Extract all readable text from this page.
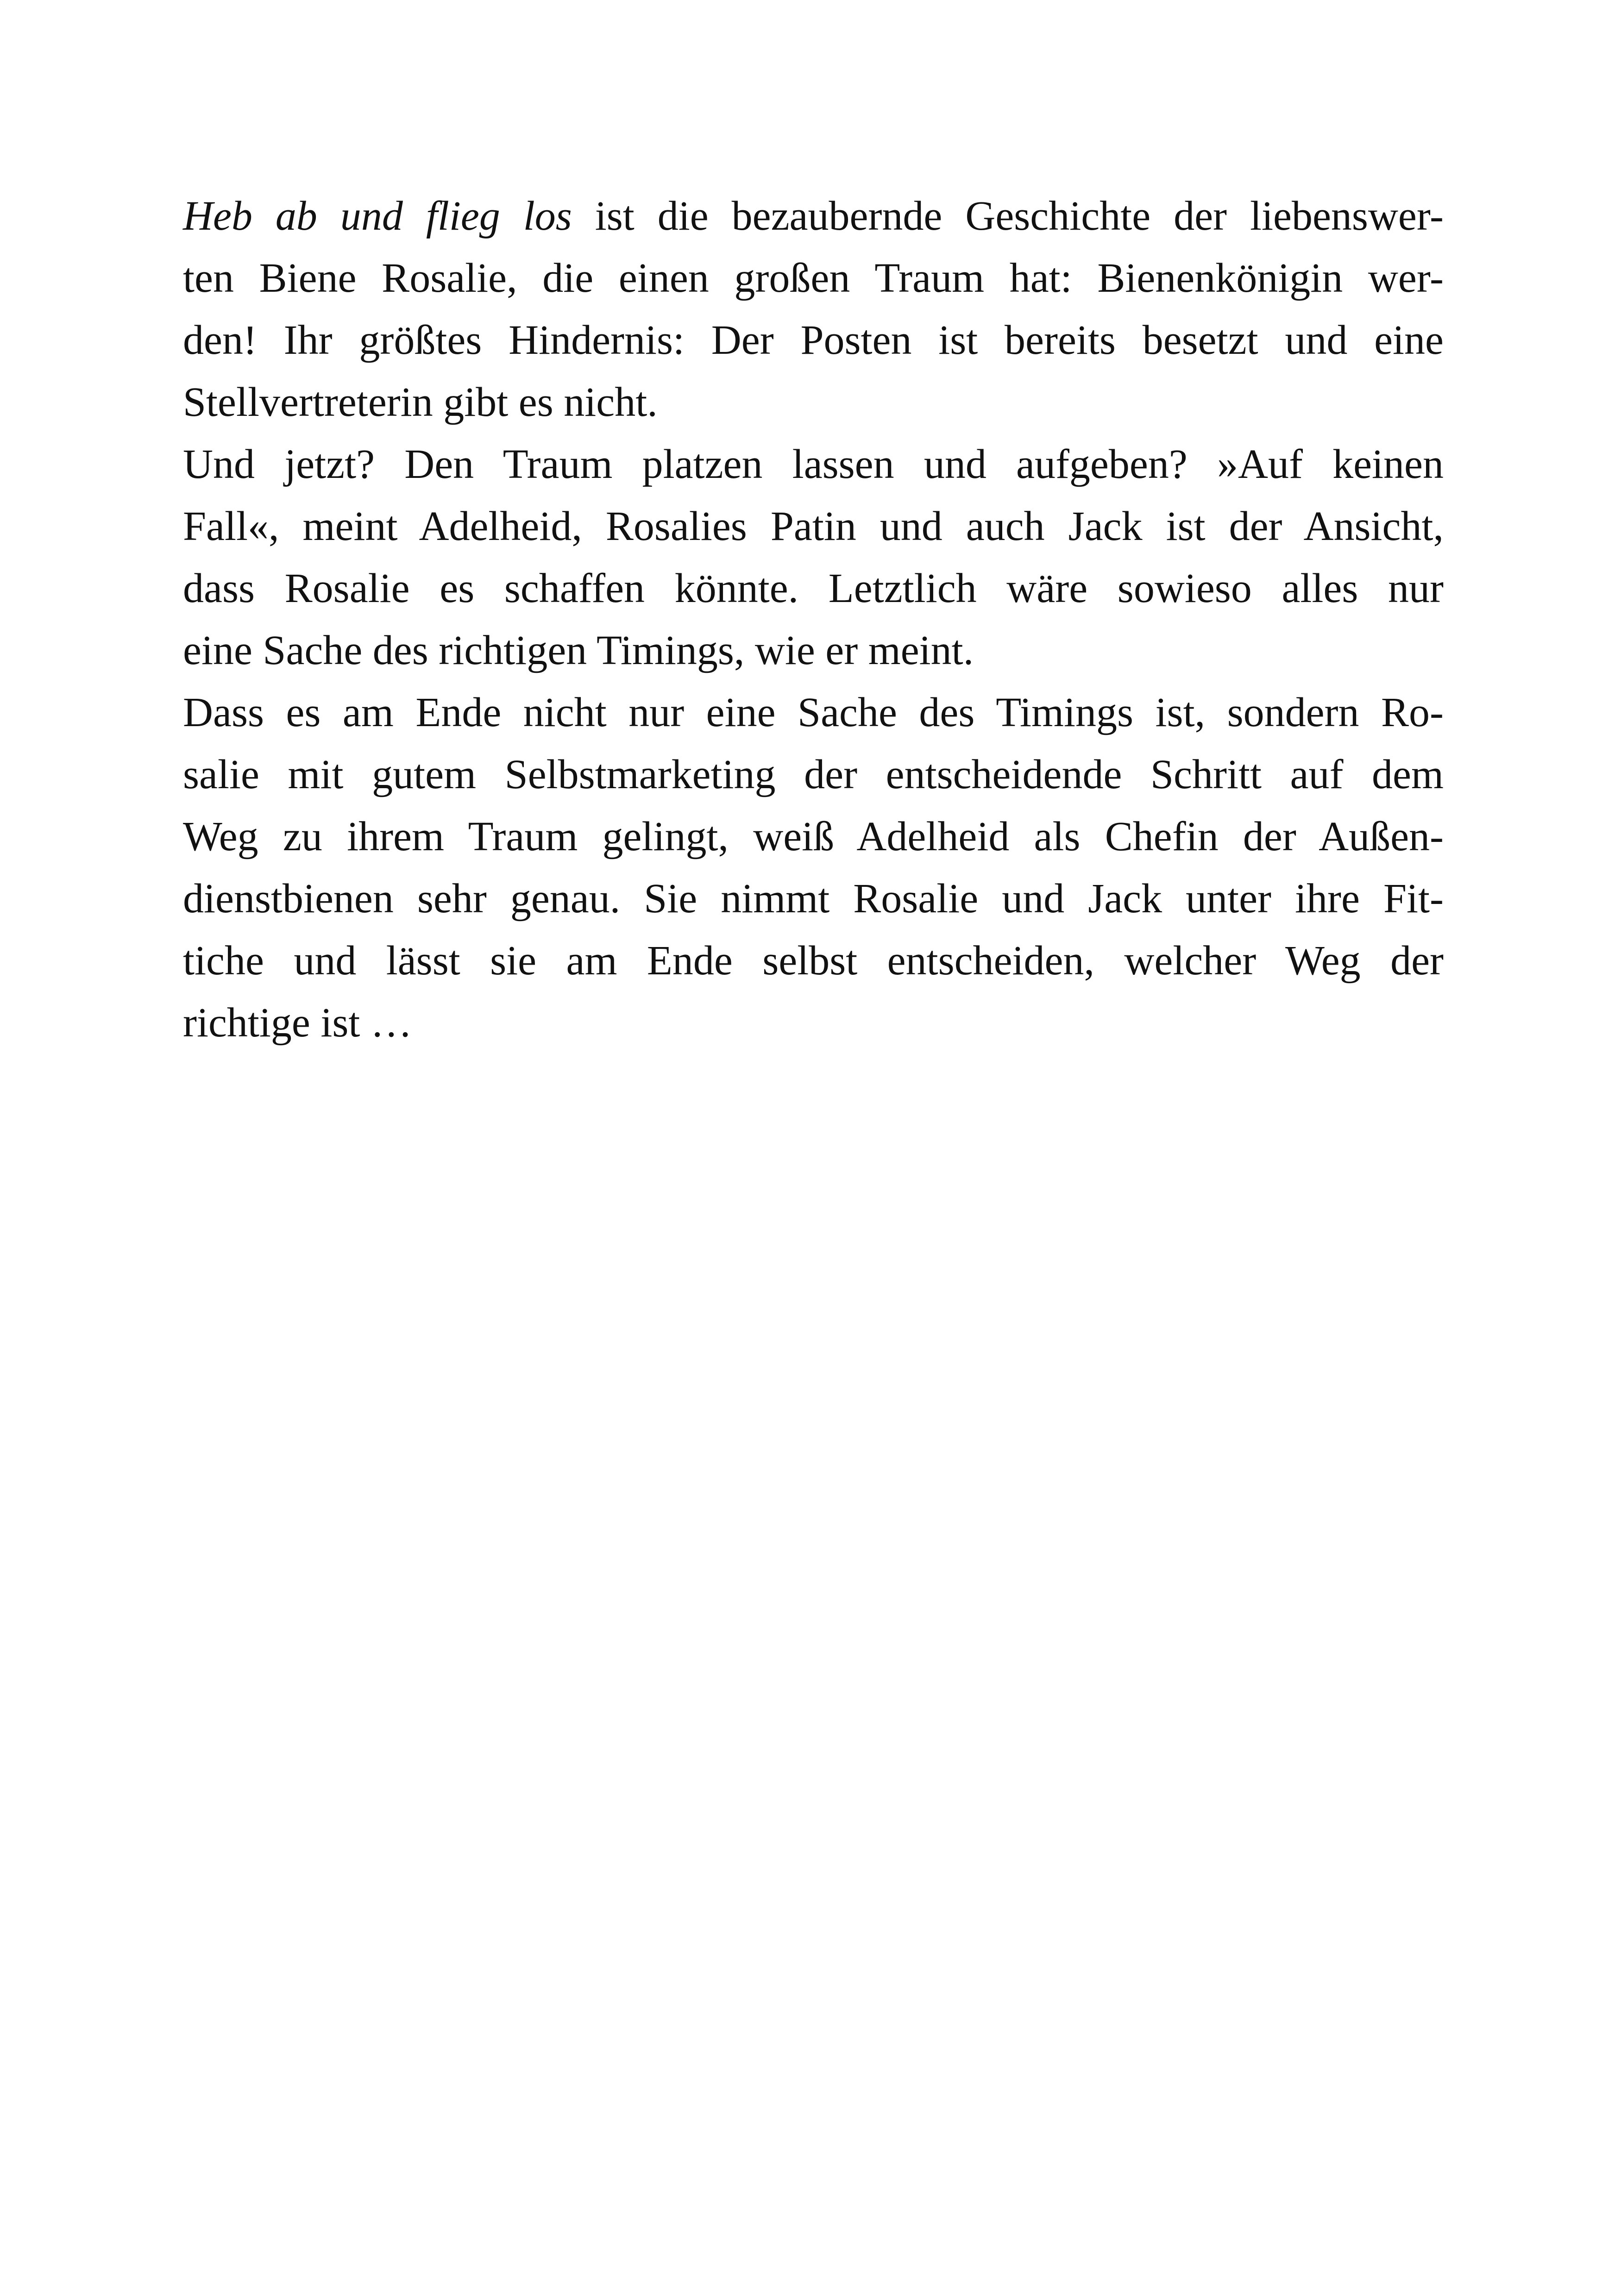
Heb ab und flieg los ist die bezaubernde Geschichte der liebenswer-
ten Biene Rosalie, die einen großen Traum hat: Bienenkönigin wer-
den! Ihr größtes Hindernis: Der Posten ist bereits besetzt und eine
Stellvertreterin gibt es nicht.

Und jetzt? Den Traum platzen lassen und aufgeben? »Auf keinen
Fall«, meint Adelheid, Rosalies Patin und auch Jack ist der Ansicht,
dass Rosalie es schaffen könnte. Letztlich wäre sowieso alles nur
eine Sache des richtigen Timings, wie er meint.

Dass es am Ende nicht nur eine Sache des Timings ist, sondern Ro-
salie mit gutem Selbstmarketing der entscheidende Schritt auf dem
Weg zu ihrem Traum gelingt, weiß Adelheid als Chefin der Außen-
dienstbienen sehr genau. Sie nimmt Rosalie und Jack unter ihre Fit-
tiche und lässt sie am Ende selbst entscheiden, welcher Weg der
richtige ist …
